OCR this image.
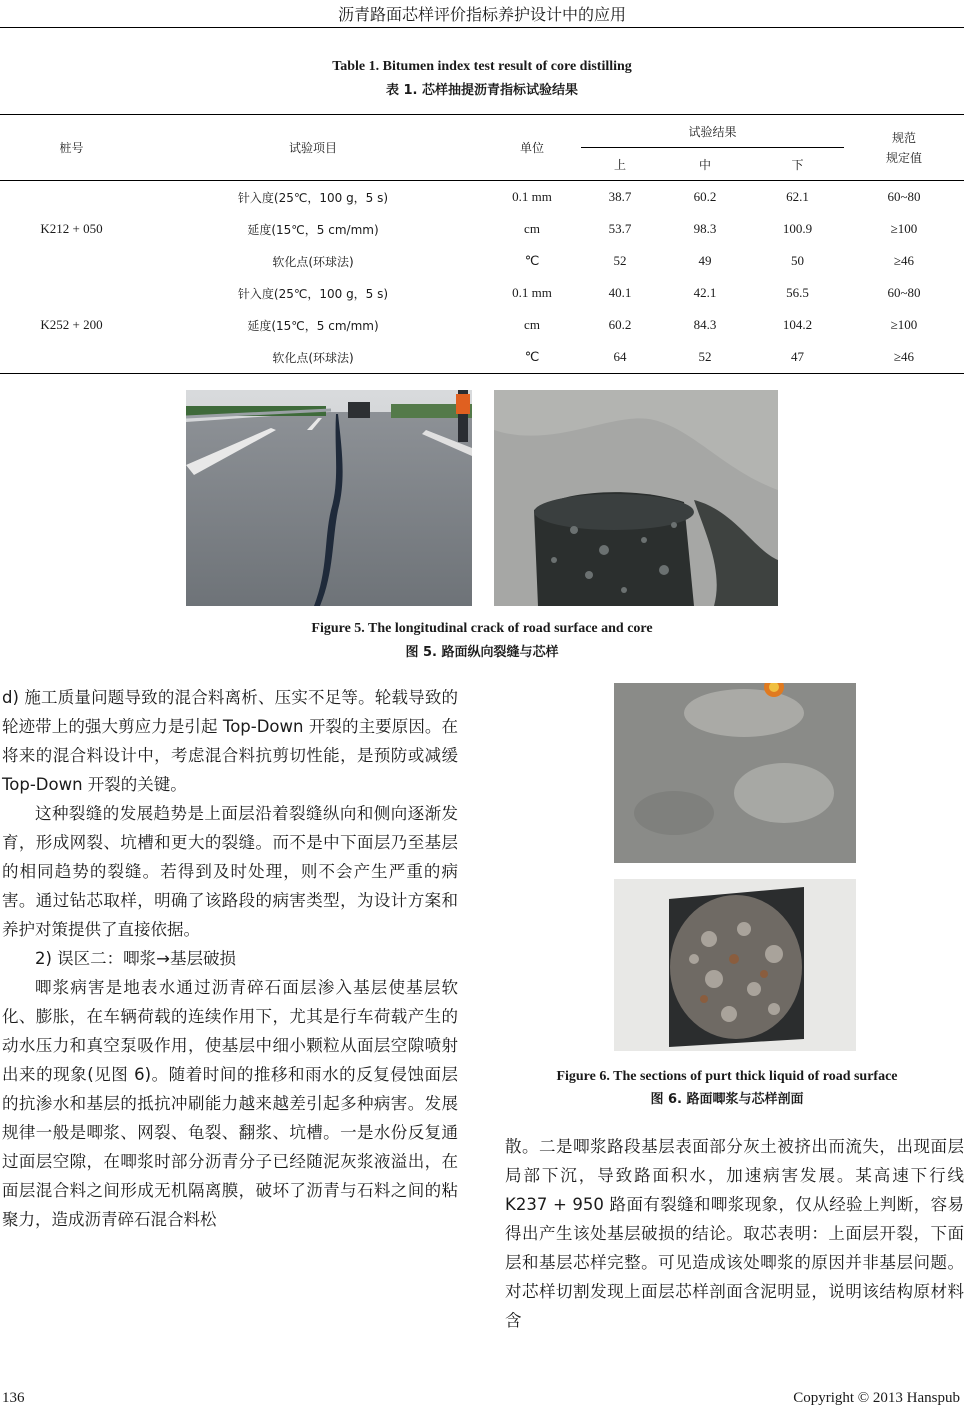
沥青路面芯样评价指标养护设计中的应用
Table 1. Bitumen index test result of core distilling
表 1. 芯样抽提沥青指标试验结果
桩号	试验项目	单位	试验结果			规范
规定值

			上	中	下	
K212 + 050	针入度(25℃，100 g，5 s)	0.1 mm	38.7	60.2	62.1	60~80
	延度(15℃，5 cm/mm)	cm	53.7	98.3	100.9	≥100
	软化点(环球法)	℃	52	49	50	≥46
K252 + 200	针入度(25℃，100 g，5 s)	0.1 mm	40.1	42.1	56.5	60~80
	延度(15℃，5 cm/mm)	cm	60.2	84.3	104.2	≥100
	软化点(环球法)	℃	64	52	47	≥46
Figure 5. The longitudinal crack of road surface and core
图 5. 路面纵向裂缝与芯样

d) 施工质量问题导致的混合料离析、压实不足等。轮载导致的轮迹带上的强大剪应力是引起 Top-Down 开裂的主要原因。在将来的混合料设计中，考虑混合料抗剪切性能，是预防或减缓 Top-Down 开裂的关键。

这种裂缝的发展趋势是上面层沿着裂缝纵向和侧向逐渐发育，形成网裂、坑槽和更大的裂缝。而不是中下面层乃至基层的相同趋势的裂缝。若得到及时处理，则不会产生严重的病害。通过钻芯取样，明确了该路段的病害类型，为设计方案和养护对策提供了直接依据。

2) 误区二：唧浆→基层破损

唧浆病害是地表水通过沥青碎石面层渗入基层使基层软化、膨胀，在车辆荷载的连续作用下，尤其是行车荷载产生的动水压力和真空泵吸作用，使基层中细小颗粒从面层空隙喷射出来的现象(见图 6)。随着时间的推移和雨水的反复侵蚀面层的抗渗水和基层的抵抗冲刷能力越来越差引起多种病害。发展规律一般是唧浆、网裂、龟裂、翻浆、坑槽。一是水份反复通过面层空隙，在唧浆时部分沥青分子已经随泥灰浆液溢出，在面层混合料之间形成无机隔离膜，破坏了沥青与石料之间的粘聚力，造成沥青碎石混合料松

Figure 6. The sections of purt thick liquid of road surface
图 6. 路面唧浆与芯样剖面

散。二是唧浆路段基层表面部分灰土被挤出而流失，出现面层局部下沉，导致路面积水，加速病害发展。某高速下行线 K237 + 950 路面有裂缝和唧浆现象，仅从经验上判断，容易得出产生该处基层破损的结论。取芯表明：上面层开裂，下面层和基层芯样完整。可见造成该处唧浆的原因并非基层问题。对芯样切割发现上面层芯样剖面含泥明显，说明该结构原材料含

136	Copyright © 2013 Hanspub
